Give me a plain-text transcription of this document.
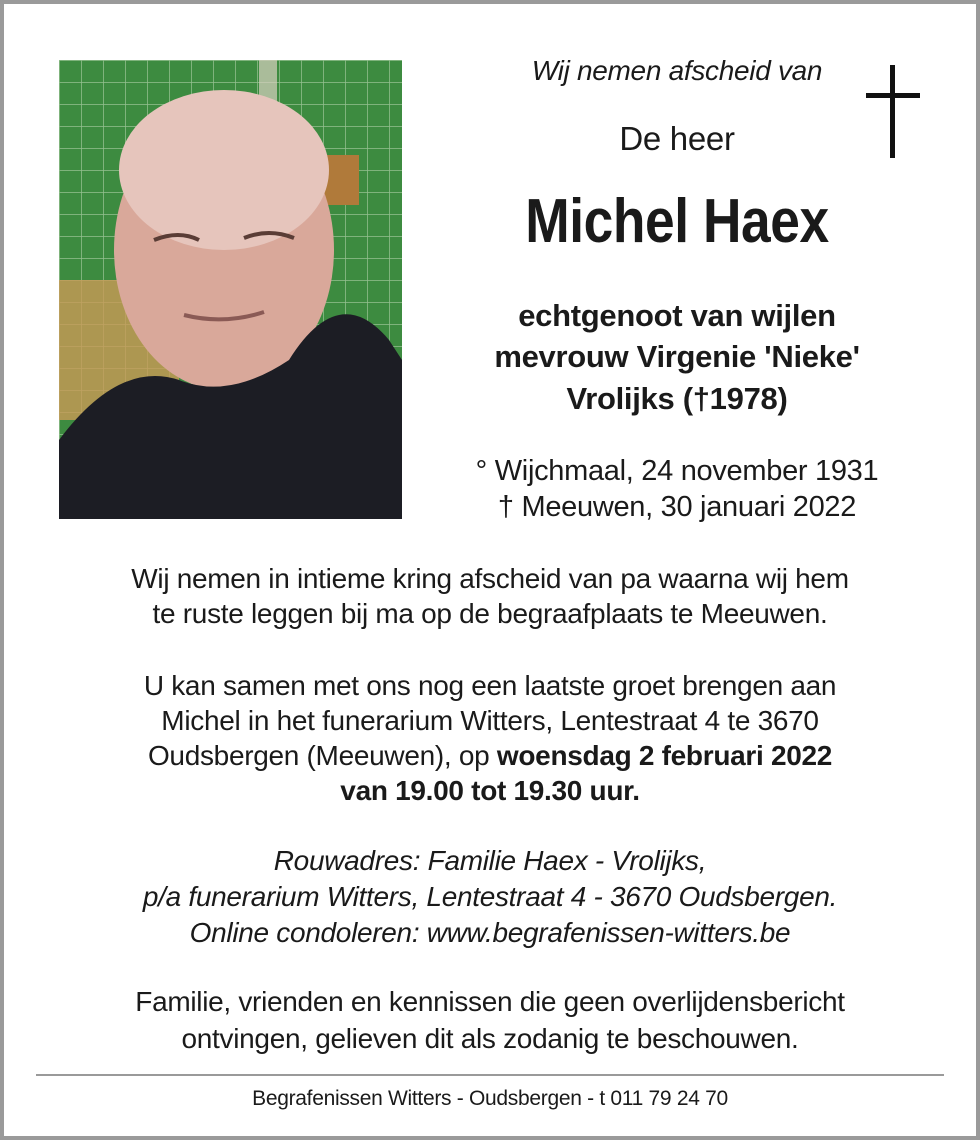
Wij nemen afscheid van
De heer
Michel Haex
echtgenoot van wijlen
mevrouw Virgenie 'Nieke'
Vrolijks (†1978)
° Wijchmaal, 24 november 1931
† Meeuwen, 30 januari 2022
Wij nemen in intieme kring afscheid van pa waarna wij hem
te ruste leggen bij ma op de begraafplaats te Meeuwen.
U kan samen met ons nog een laatste groet brengen aan
Michel in het funerarium Witters, Lentestraat 4 te 3670
Oudsbergen (Meeuwen), op woensdag 2 februari 2022
van 19.00 tot 19.30 uur.
Rouwadres: Familie Haex - Vrolijks,
p/a funerarium Witters, Lentestraat 4 - 3670 Oudsbergen.
Online condoleren: www.begrafenissen-witters.be
Familie, vrienden en kennissen die geen overlijdensbericht
ontvingen, gelieven dit als zodanig te beschouwen.
Begrafenissen Witters - Oudsbergen - t 011 79 24 70
